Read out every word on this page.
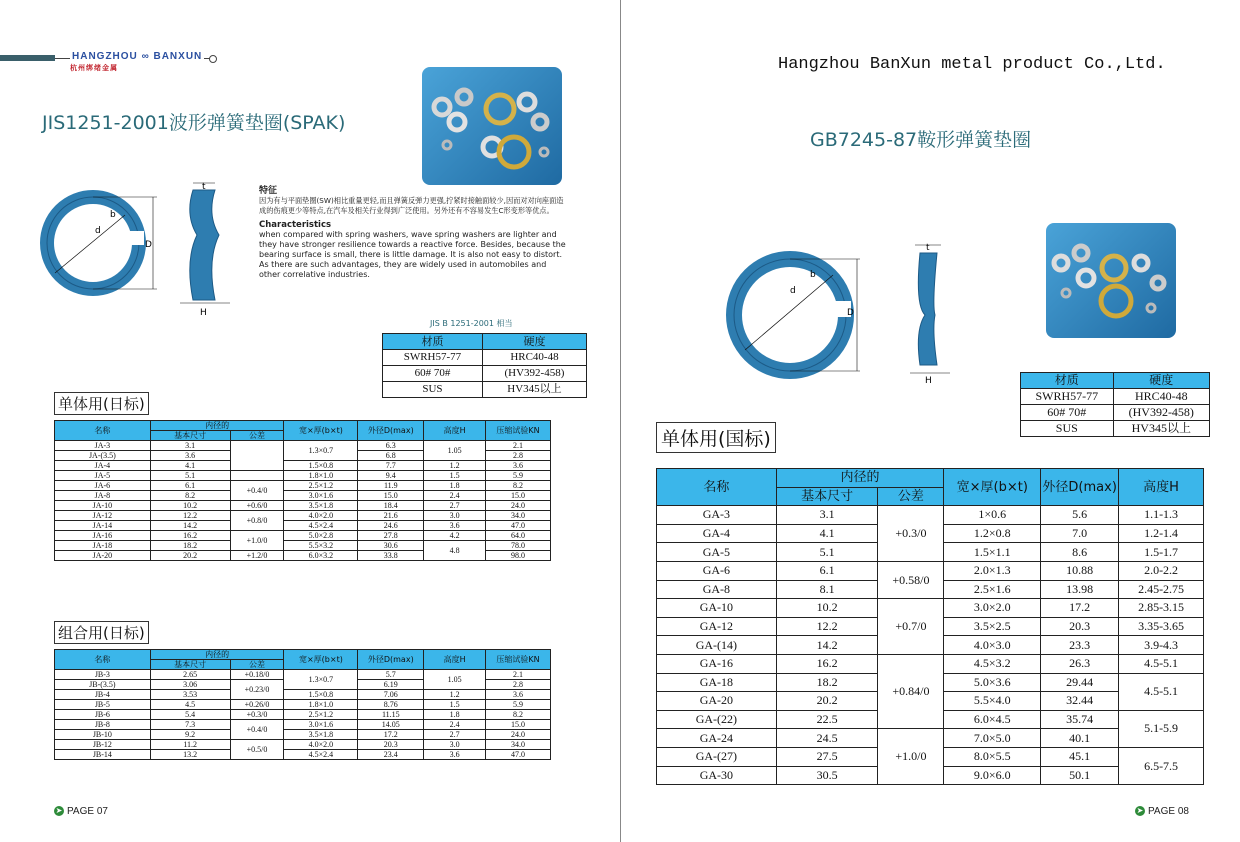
HANGZHOU ∞ BANXUN
杭州绑绪金属
JIS1251-2001波形弹簧垫圈(SPAK)
D
d
b
t
H
特征
因为有与平面垫圈(SW)相比重量更轻,而且弹簧反弹力更强,拧紧时接触面较少,因而对对向座面造成的伤痕更少等特点,在汽车及相关行业得到广泛使用。另外还有不容易发生C形变形等优点。
Characteristics
when compared with spring washers, wave spring washers are lighter and they have stronger resilience towards a reactive force. Besides, because the bearing surface is small, there is little damage. It is also not easy to distort. As there are such advantages, they are widely used in automobiles and other correlative industries.
JIS B 1251-2001 相当
材质	硬度
SWRH57-77	HRC40-48
60# 70#	(HV392-458)
SUS	HV345以上
单体用(日标)
名称	内径的		宽×厚(b×t)	外径D(max)	高度H	压缩试验KN
	基本尺寸	公差				
JA-3	3.1		1.3×0.7	6.3	1.05	2.1
JA-(3.5)	3.6			6.8		2.8
JA-4	4.1		1.5×0.8	7.7	1.2	3.6
JA-5	5.1		1.8×1.0	9.4	1.5	5.9
JA-6	6.1	+0.4/0	2.5×1.2	11.9	1.8	8.2
JA-8	8.2		3.0×1.6	15.0	2.4	15.0
JA-10	10.2	+0.6/0	3.5×1.8	18.4	2.7	24.0
JA-12	12.2	+0.8/0	4.0×2.0	21.6	3.0	34.0
JA-14	14.2		4.5×2.4	24.6	3.6	47.0
JA-16	16.2	+1.0/0	5.0×2.8	27.8	4.2	64.0
JA-18	18.2		5.5×3.2	30.6	4.8	78.0
JA-20	20.2	+1.2/0	6.0×3.2	33.8		98.0
组合用(日标)
名称	内径的		宽×厚(b×t)	外径D(max)	高度H	压缩试验KN
	基本尺寸	公差				
JB-3	2.65	+0.18/0	1.3×0.7	5.7	1.05	2.1
JB-(3.5)	3.06	+0.23/0		6.19		2.8
JB-4	3.53		1.5×0.8	7.06	1.2	3.6
JB-5	4.5	+0.26/0	1.8×1.0	8.76	1.5	5.9
JB-6	5.4	+0.3/0	2.5×1.2	11.15	1.8	8.2
JB-8	7.3	+0.4/0	3.0×1.6	14.05	2.4	15.0
JB-10	9.2		3.5×1.8	17.2	2.7	24.0
JB-12	11.2	+0.5/0	4.0×2.0	20.3	3.0	34.0
JB-14	13.2		4.5×2.4	23.4	3.6	47.0
➤ PAGE 07
Hangzhou BanXun metal product Co.,Ltd.
GB7245-87鞍形弹簧垫圈
D
d
b
t
H	材质	硬度
SWRH57-77	HRC40-48
60# 70#	(HV392-458)
SUS	HV345以上
单体用(国标)
名称	内径的		宽×厚(b×t)	外径D(max)	高度H
	基本尺寸	公差			
GA-3	3.1	+0.3/0	1×0.6	5.6	1.1-1.3
GA-4	4.1		1.2×0.8	7.0	1.2-1.4
GA-5	5.1		1.5×1.1	8.6	1.5-1.7
GA-6	6.1	+0.58/0	2.0×1.3	10.88	2.0-2.2
GA-8	8.1		2.5×1.6	13.98	2.45-2.75
GA-10	10.2	+0.7/0	3.0×2.0	17.2	2.85-3.15
GA-12	12.2		3.5×2.5	20.3	3.35-3.65
GA-(14)	14.2		4.0×3.0	23.3	3.9-4.3
GA-16	16.2	+0.84/0	4.5×3.2	26.3	4.5-5.1
GA-18	18.2		5.0×3.6	29.44	4.5-5.1
GA-20	20.2		5.5×4.0	32.44	
GA-(22)	22.5		6.0×4.5	35.74	5.1-5.9
GA-24	24.5	+1.0/0	7.0×5.0	40.1	
GA-(27)	27.5		8.0×5.5	45.1	6.5-7.5
GA-30	30.5		9.0×6.0	50.1	
➤ PAGE 08
